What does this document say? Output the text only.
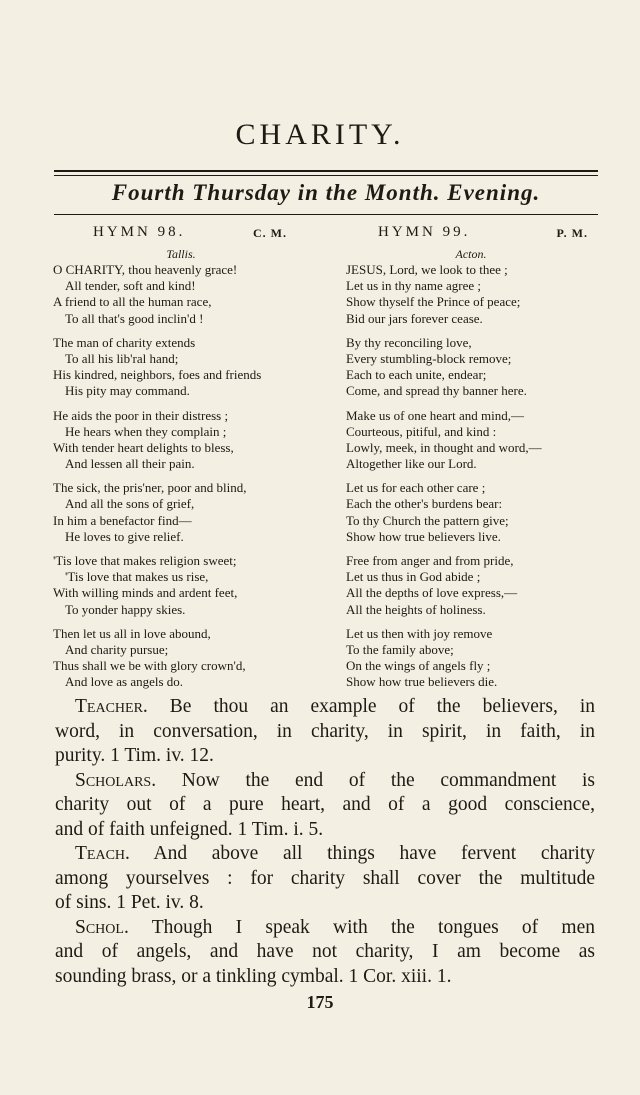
CHARITY.
Fourth Thursday in the Month. Evening.
HYMN 98.	C. M.
Tallis.
O CHARITY, thou heavenly grace!
All tender, soft and kind!
A friend to all the human race,
To all that's good inclin'd !
The man of charity extends
To all his lib'ral hand;
His kindred, neighbors, foes and friends
His pity may command.
He aids the poor in their distress ;
He hears when they complain ;
With tender heart delights to bless,
And lessen all their pain.
The sick, the pris'ner, poor and blind,
And all the sons of grief,
In him a benefactor find—
He loves to give relief.
'Tis love that makes religion sweet;
'Tis love that makes us rise,
With willing minds and ardent feet,
To yonder happy skies.
Then let us all in love abound,
And charity pursue;
Thus shall we be with glory crown'd,
And love as angels do.
HYMN 99.	P. M.
Acton.
JESUS, Lord, we look to thee ;
Let us in thy name agree ;
Show thyself the Prince of peace;
Bid our jars forever cease.
By thy reconciling love,
Every stumbling-block remove;
Each to each unite, endear;
Come, and spread thy banner here.
Make us of one heart and mind,—
Courteous, pitiful, and kind :
Lowly, meek, in thought and word,—
Altogether like our Lord.
Let us for each other care ;
Each the other's burdens bear:
To thy Church the pattern give;
Show how true believers live.
Free from anger and from pride,
Let us thus in God abide ;
All the depths of love express,—
All the heights of holiness.
Let us then with joy remove
To the family above;
On the wings of angels fly ;
Show how true believers die.
Teacher. Be thou an example of the believers, in
word, in conversation, in charity, in spirit, in faith, in
purity. 1 Tim. iv. 12.
Scholars. Now the end of the commandment is
charity out of a pure heart, and of a good conscience,
and of faith unfeigned. 1 Tim. i. 5.
Teach. And above all things have fervent charity
among yourselves : for charity shall cover the multitude
of sins. 1 Pet. iv. 8.
Schol. Though I speak with the tongues of men
and of angels, and have not charity, I am become as
sounding brass, or a tinkling cymbal. 1 Cor. xiii. 1.
175
